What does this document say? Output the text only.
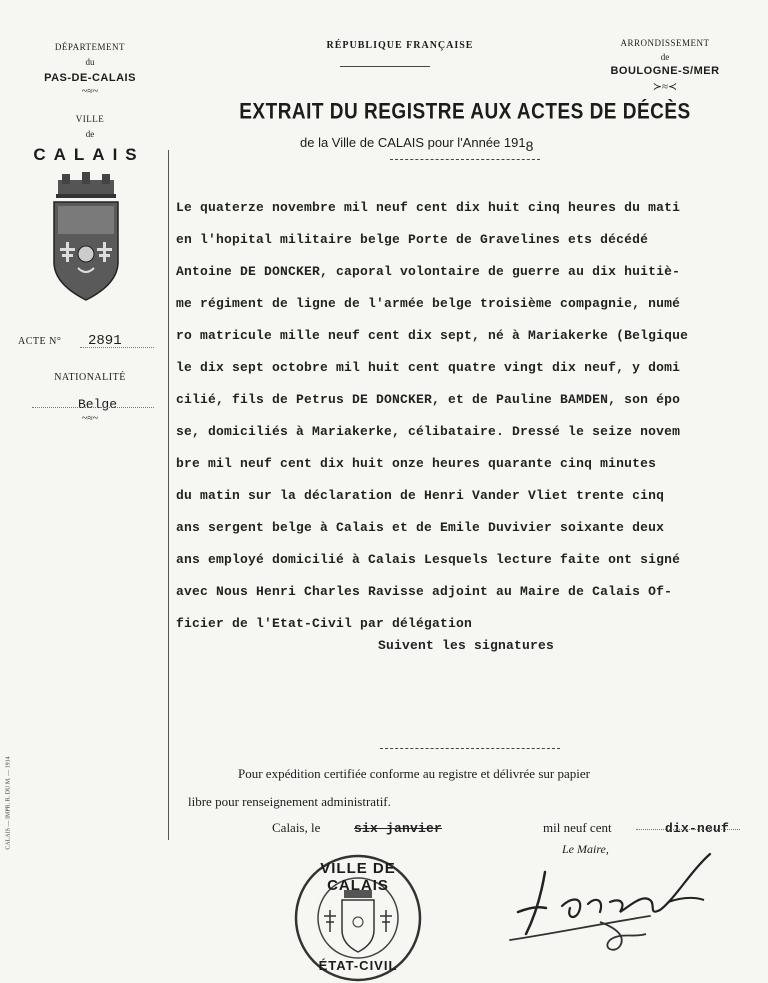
DÉPARTEMENT
du
PAS-DE-CALAIS
~≈~
VILLE
de
CALAIS
ACTE N° 2891
NATIONALITÉ
Belge
~≈~
CALAIS — IMPR. R. DU M. — 1914
RÉPUBLIQUE FRANÇAISE
EXTRAIT DU REGISTRE AUX ACTES DE DÉCÈS
de la Ville de CALAIS pour l'Année 1918
ARRONDISSEMENT
de
BOULOGNE-S/MER
≻≈≺
Le quaterze novembre mil neuf cent dix huit cinq heures du mati
en l'hopital militaire belge Porte de Gravelines ets décédé
Antoine DE DONCKER, caporal volontaire de guerre au dix huitiè-
me régiment de ligne de l'armée belge troisième compagnie, numé
ro matricule mille neuf cent dix sept, né à Mariakerke (Belgique
le dix sept octobre mil huit cent quatre vingt dix neuf, y domi
cilié, fils de Petrus DE DONCKER, et de Pauline BAMDEN, son épo
se, domiciliés à Mariakerke, célibataire. Dressé le seize novem
bre mil neuf cent dix huit onze heures quarante cinq minutes
du matin sur la déclaration de Henri Vander Vliet trente cinq
ans sergent belge à Calais et de Emile Duvivier soixante deux
ans employé domicilié à Calais Lesquels lecture faite ont signé
avec Nous Henri Charles Ravisse adjoint au Maire de Calais Of-
ficier de l'Etat-Civil par délégation
Suivent les signatures
Pour expédition certifiée conforme au registre et délivrée sur papier
libre pour renseignement administratif.
Calais, le	six janvier	mil neuf cent	dix-neuf
Le Maire,
VILLE DE CALAIS
ÉTAT-CIVIL
